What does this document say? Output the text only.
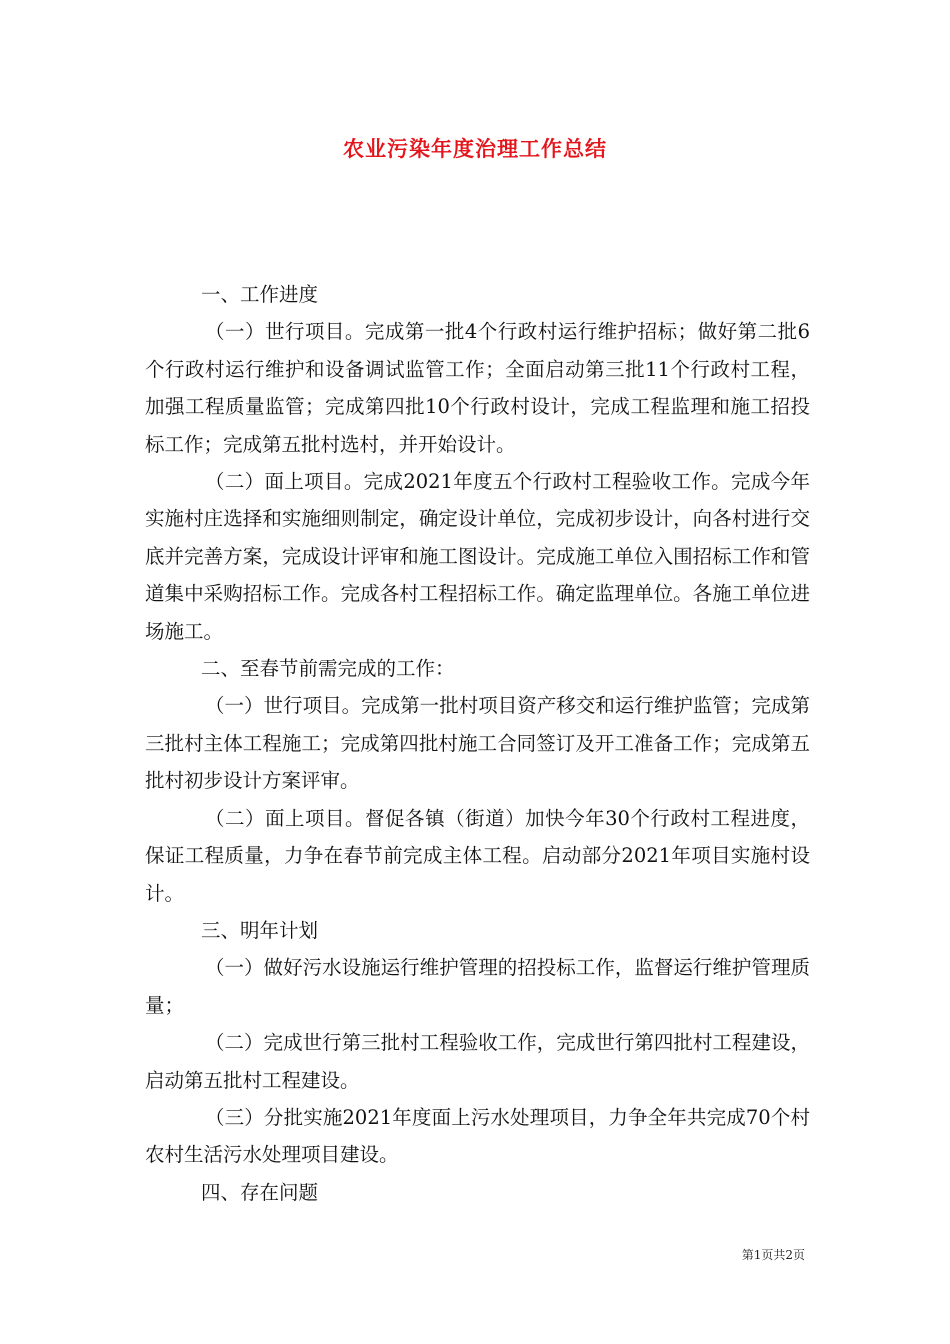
农业污染年度治理工作总结

一、工作进度

（一）世行项目。完成第一批4个行政村运行维护招标；做好第二批6个行政村运行维护和设备调试监管工作；全面启动第三批11个行政村工程，加强工程质量监管；完成第四批10个行政村设计，完成工程监理和施工招投标工作；完成第五批村选村，并开始设计。

（二）面上项目。完成2021年度五个行政村工程验收工作。完成今年实施村庄选择和实施细则制定，确定设计单位，完成初步设计，向各村进行交底并完善方案，完成设计评审和施工图设计。完成施工单位入围招标工作和管道集中采购招标工作。完成各村工程招标工作。确定监理单位。各施工单位进场施工。

二、至春节前需完成的工作：

（一）世行项目。完成第一批村项目资产移交和运行维护监管；完成第三批村主体工程施工；完成第四批村施工合同签订及开工准备工作；完成第五批村初步设计方案评审。

（二）面上项目。督促各镇（街道）加快今年30个行政村工程进度，保证工程质量，力争在春节前完成主体工程。启动部分2021年项目实施村设计。

三、明年计划

（一）做好污水设施运行维护管理的招投标工作，监督运行维护管理质量；

（二）完成世行第三批村工程验收工作，完成世行第四批村工程建设，启动第五批村工程建设。

（三）分批实施2021年度面上污水处理项目，力争全年共完成70个村农村生活污水处理项目建设。

四、存在问题

第1页共2页
